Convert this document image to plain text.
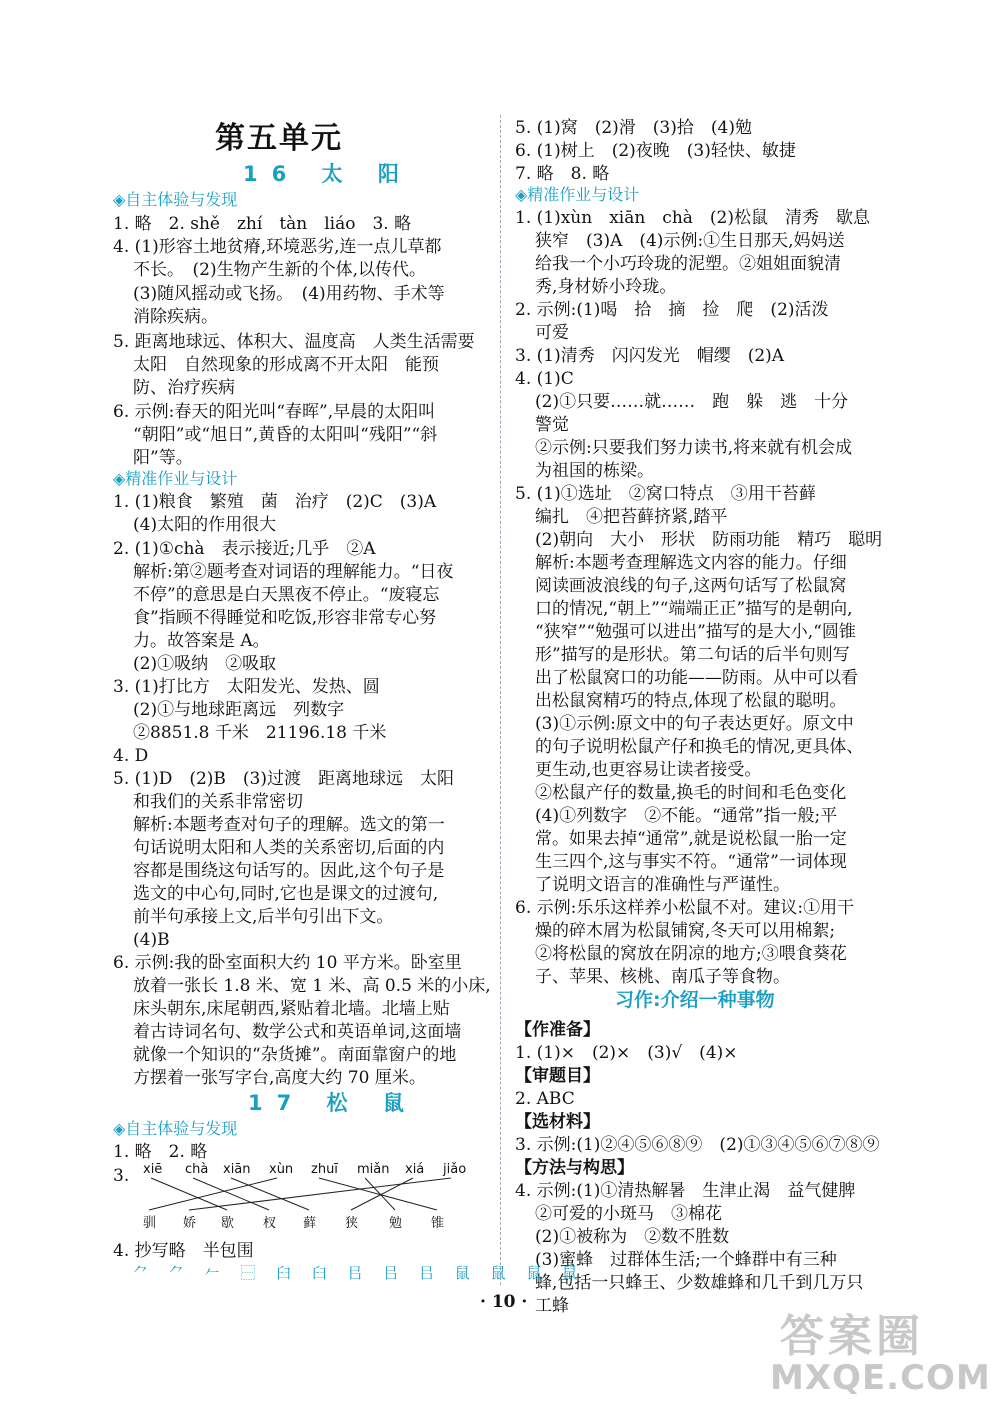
第五单元
16 太 阳
◈自主体验与发现
1. 略　2. shě　zhí　tàn　liáo　3. 略
4. (1)形容土地贫瘠,环境恶劣,连一点儿草都
不长。　(2)生物产生新的个体,以传代。
(3)随风摇动或飞扬。　(4)用药物、手术等
消除疾病。
5. 距离地球远、体积大、温度高　人类生活需要
太阳　自然现象的形成离不开太阳　能预
防、治疗疾病
6. 示例:春天的阳光叫“春晖”,早晨的太阳叫
“朝阳”或“旭日”,黄昏的太阳叫“残阳”“斜
阳”等。
◈精准作业与设计
1. (1)粮食　繁殖　菌　治疗　(2)C　(3)A
(4)太阳的作用很大
2. (1)①chà　表示接近;几乎　②A
解析:第②题考查对词语的理解能力。“日夜
不停”的意思是白天黑夜不停止。“废寝忘
食”指顾不得睡觉和吃饭,形容非常专心努
力。故答案是 A。
(2)①吸纳　②吸取
3. (1)打比方　太阳发光、发热、圆
(2)①与地球距离远　列数字
②8851.8 千米　21196.18 千米
4. D
5. (1)D　(2)B　(3)过渡　距离地球远　太阳
和我们的关系非常密切
解析:本题考查对句子的理解。选文的第一
句话说明太阳和人类的关系密切,后面的内
容都是围绕这句话写的。因此,这个句子是
选文的中心句,同时,它也是课文的过渡句,
前半句承接上文,后半句引出下文。
(4)B
6. 示例:我的卧室面积大约 10 平方米。卧室里
放着一张长 1.8 米、宽 1 米、高 0.5 米的小床,
床头朝东,床尾朝西,紧贴着北墙。北墙上贴
着古诗词名句、数学公式和英语单词,这面墙
就像一个知识的“杂货摊”。南面靠窗户的地
方摆着一张写字台,高度大约 70 厘米。
17 松 鼠
◈自主体验与发现
1. 略　2. 略
3.
4. 抄写略　半包围
5. (1)窝　(2)滑　(3)拾　(4)勉
6. (1)树上　(2)夜晚　(3)轻快、敏捷
7. 略　8. 略
◈精准作业与设计
1. (1)xùn　xiān　chà　(2)松鼠　清秀　歇息
狭窄　(3)A　(4)示例:①生日那天,妈妈送
给我一个小巧玲珑的泥塑。②姐姐面貌清
秀,身材娇小玲珑。
2. 示例:(1)喝　拾　摘　捡　爬　(2)活泼
可爱
3. (1)清秀　闪闪发光　帽缨　(2)A
4. (1)C
(2)①只要……就……　跑　躲　逃　十分
警觉
②示例:只要我们努力读书,将来就有机会成
为祖国的栋梁。
5. (1)①选址　②窝口特点　③用干苔藓
编扎　④把苔藓挤紧,踏平
(2)朝向　大小　形状　防雨功能　精巧　聪明
解析:本题考查理解选文内容的能力。仔细
阅读画波浪线的句子,这两句话写了松鼠窝
口的情况,“朝上”“端端正正”描写的是朝向,
“狭窄”“勉强可以进出”描写的是大小,“圆锥
形”描写的是形状。第二句话的后半句则写
出了松鼠窝口的功能——防雨。从中可以看
出松鼠窝精巧的特点,体现了松鼠的聪明。
(3)①示例:原文中的句子表达更好。原文中
的句子说明松鼠产仔和换毛的情况,更具体、
更生动,也更容易让读者接受。
②松鼠产仔的数量,换毛的时间和毛色变化
(4)①列数字　②不能。“通常”指一般;平
常。如果去掉“通常”,就是说松鼠一胎一定
生三四个,这与事实不符。“通常”一词体现
了说明文语言的准确性与严谨性。
6. 示例:乐乐这样养小松鼠不对。建议:①用干
燥的碎木屑为松鼠铺窝,冬天可以用棉絮;
②将松鼠的窝放在阴凉的地方;③喂食葵花
子、苹果、核桃、南瓜子等食物。
习作:介绍一种事物
【作准备】
1. (1)×　(2)×　(3)√　(4)×
【审题目】
2. ABC
【选材料】
3. 示例:(1)②④⑤⑥⑧⑨　(2)①③④⑤⑥⑦⑧⑨
【方法与构思】
4. 示例:(1)①清热解暑　生津止渴　益气健脾
②可爱的小斑马　③棉花
(2)①被称为　②数不胜数
(3)蜜蜂　过群体生活;一个蜂群中有三种
蜂,包括一只蜂王、少数雄蜂和几千到几万只
工蜂
xiē chà xiān xùn zhuī miǎn xiá jiǎo
驯 娇 歇 杈 藓 狭 勉 锥
⺈ ⺈ 𠂉 ⿱ 臼 臼 㠯 㠯 㠯 鼠 鼠 鼠 鼠
· 10 ·
答案圈
MXQE.COM
